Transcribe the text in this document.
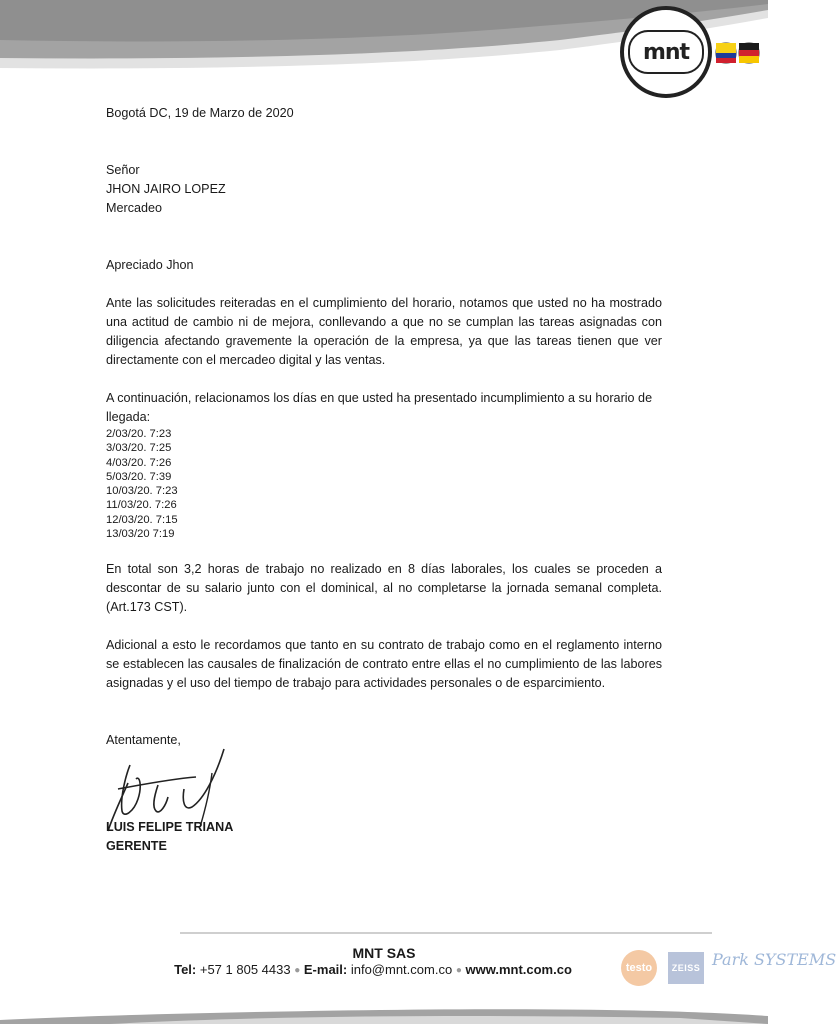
mnt

Bogotá DC, 19 de Marzo de 2020

Señor

JHON JAIRO LOPEZ

Mercadeo

Apreciado Jhon

Ante las solicitudes reiteradas en el cumplimiento del horario, notamos que usted no ha mostrado una actitud de cambio ni de mejora, conllevando a que no se cumplan las tareas asignadas con diligencia afectando gravemente la operación de la empresa, ya que las tareas tienen que ver directamente con el mercadeo digital y las ventas.

A continuación, relacionamos los días en que usted ha presentado incumplimiento a su horario de llegada:

2/03/20. 7:23
3/03/20. 7:25
4/03/20. 7:26
5/03/20. 7:39
10/03/20. 7:23
11/03/20. 7:26
12/03/20. 7:15
13/03/20 7:19

En total son 3,2 horas de trabajo no realizado en 8 días laborales, los cuales se proceden a descontar de su salario junto con el dominical, al no completarse la jornada semanal completa. (Art.173 CST).

Adicional a esto le recordamos que tanto en su contrato de trabajo como en el reglamento interno se establecen las causales de finalización de contrato entre ellas el no cumplimiento de las labores asignadas y el uso del tiempo de trabajo para actividades personales o de esparcimiento.

Atentamente,

LUIS FELIPE TRIANA
GERENTE
MNT SAS
Tel: +57 1 805 4433 ● E-mail: info@mnt.com.co ● www.mnt.com.co	testo	ZEISS Park SYSTEMS
